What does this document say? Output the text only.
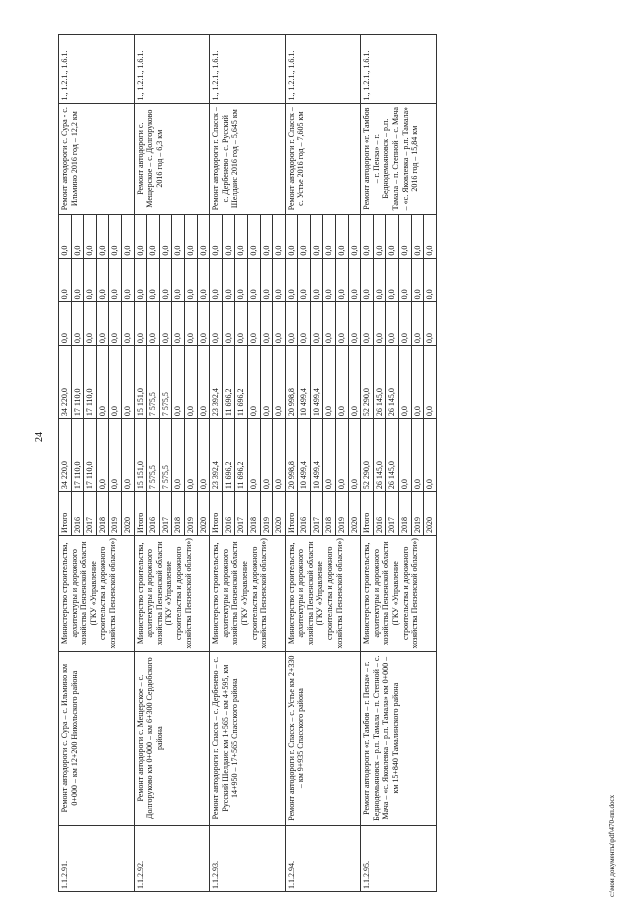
24
1.1.2.91.	Ремонт автодороги с. Сура – с. Ильмино км 0+000 – км 12+200 Никольского района	Министерство строительства, архитектуры и дорожного хозяйства Пензенской области (ГКУ «Управление строительства и дорожного хозяйства Пензенской области»)	Итого	34 220,0	34 220,0	0,0	0,0	0,0	Ремонт автодороги с. Сура - с. Ильмино 2016 год – 12,2 км	1., 1.2.1., 1.6.1.
			2016	17 110,0	17 110,0	0,0	0,0	0,0		
			2017	17 110,0	17 110,0	0,0	0,0	0,0		
			2018	0,0	0,0	0,0	0,0	0,0		
			2019	0,0	0,0	0,0	0,0	0,0		
			2020	0,0	0,0	0,0	0,0	0,0		
1.1.2.92.	Ремонт автодороги с. Мещерское – с. Долгоруково км 0+000 – км 6+300 Сердобского района	Министерство строительства, архитектуры и дорожного хозяйства Пензенской области (ГКУ «Управление строительства и дорожного хозяйства Пензенской области»)	Итого	15 151,0	15 151,0	0,0	0,0	0,0	Ремонт автодороги с. Мещерское – с. Долгоруково 2016 год – 6,3 км	1., 1.2.1., 1.6.1.
			2016	7 575,5	7 575,5	0,0	0,0	0,0		
			2017	7 575,5	7 575,5	0,0	0,0	0,0		
			2018	0,0	0,0	0,0	0,0	0,0		
			2019	0,0	0,0	0,0	0,0	0,0		
			2020	0,0	0,0	0,0	0,0	0,0		
1.1.2.93.	Ремонт автодороги г. Спасск – с. Дербенево – с. Русский Шелдаис км 1+565 – км 4+595, км 14+950 – 17+565 Спасского района	Министерство строительства, архитектуры и дорожного хозяйства Пензенской области (ГКУ «Управление строительства и дорожного хозяйства Пензенской области»)	Итого	23 392,4	23 392,4	0,0	0,0	0,0	Ремонт автодороги г. Спасск – с. Дербенево – с. Русский Шелдаис 2016 год – 5,645 км	1., 1.2.1., 1.6.1.
			2016	11 696,2	11 696,2	0,0	0,0	0,0		
			2017	11 696,2	11 696,2	0,0	0,0	0,0		
			2018	0,0	0,0	0,0	0,0	0,0		
			2019	0,0	0,0	0,0	0,0	0,0		
			2020	0,0	0,0	0,0	0,0	0,0		
1.1.2.94.	Ремонт автодороги г. Спасск – с. Устье км 2+330 – км 9+935 Спасского района	Министерство строительства, архитектуры и дорожного хозяйства Пензенской области (ГКУ «Управление строительства и дорожного хозяйства Пензенской области»)	Итого	20 998,8	20 998,8	0,0	0,0	0,0	Ремонт автодороги г. Спасск – с. Устье 2016 год – 7,605 км	1., 1.2.1., 1.6.1.
			2016	10 499,4	10 499,4	0,0	0,0	0,0		
			2017	10 499,4	10 499,4	0,0	0,0	0,0		
			2018	0,0	0,0	0,0	0,0	0,0		
			2019	0,0	0,0	0,0	0,0	0,0		
			2020	0,0	0,0	0,0	0,0	0,0		
1.1.2.95.	Ремонт автодороги «г. Тамбов – г. Пенза» – г. Беднодемьяновск – р.п. Тамала – п. Степной – с. Мача – «с. Яковлевка – р.п. Тамала» км 0+000 – км 15+840 Тамалинского района	Министерство строительства, архитектуры и дорожного хозяйства Пензенской области (ГКУ «Управление строительства и дорожного хозяйства Пензенской области»)	Итого	52 290,0	52 290,0	0,0	0,0	0,0	Ремонт автодороги «г. Тамбов – г. Пенза» – г. Беднодемьяновск – р.п. Тамала – п. Степной – с. Мача – «с. Яковлевка – р.п. Тамала» 2016 год – 15,84 км	1., 1.2.1., 1.6.1.
			2016	26 145,0	26 145,0	0,0	0,0	0,0		
			2017	26 145,0	26 145,0	0,0	0,0	0,0		
			2018	0,0	0,0	0,0	0,0	0,0		
			2019	0,0	0,0	0,0	0,0	0,0		
			2020	0,0	0,0	0,0	0,0	0,0		
c:\мои документы\pdf\470-пп.docx
